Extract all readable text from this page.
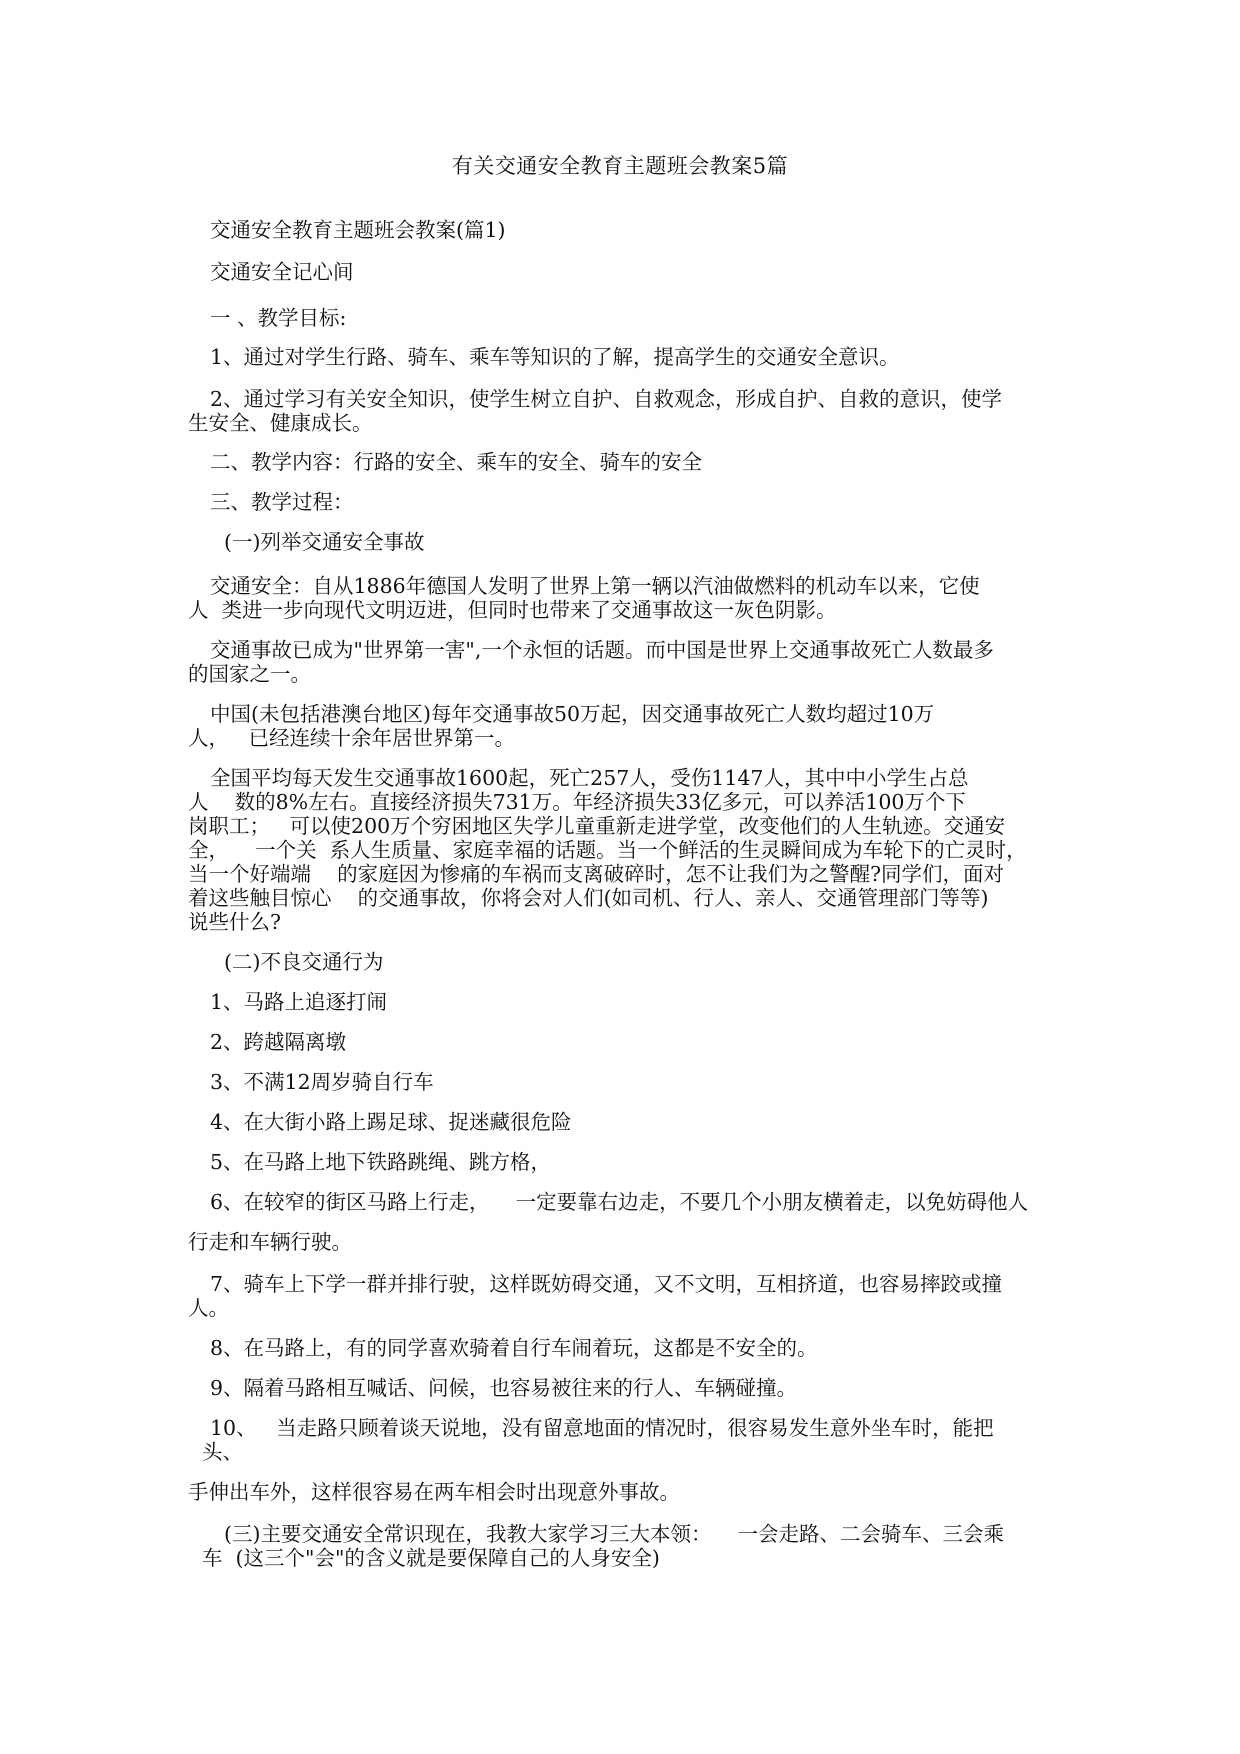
有关交通安全教育主题班会教案5篇
交通安全教育主题班会教案(篇1)
交通安全记心间
一 、教学目标:
1、通过对学生行路、骑车、乘车等知识的了解，提高学生的交通安全意识。
2、通过学习有关安全知识，使学生树立自护、自救观念，形成自护、自救的意识，使学
生安全、健康成长。
二、教学内容：行路的安全、乘车的安全、骑车的安全
三、教学过程：
(一)列举交通安全事故
交通安全：自从1886年德国人发明了世界上第一辆以汽油做燃料的机动车以来，它使
人  类进一步向现代文明迈进，但同时也带来了交通事故这一灰色阴影。
交通事故已成为"世界第一害",一个永恒的话题。而中国是世界上交通事故死亡人数最多
的国家之一。
中国(未包括港澳台地区)每年交通事故50万起，因交通事故死亡人数均超过10万
人，   已经连续十余年居世界第一。
全国平均每天发生交通事故1600起，死亡257人，受伤1147人，其中中小学生占总
人    数的8%左右。直接经济损失731万。年经济损失33亿多元，可以养活100万个下
岗职工；   可以使200万个穷困地区失学儿童重新走进学堂，改变他们的人生轨迹。交通安
全，    一个关  系人生质量、家庭幸福的话题。当一个鲜活的生灵瞬间成为车轮下的亡灵时，
当一个好端端    的家庭因为惨痛的车祸而支离破碎时，怎不让我们为之警醒?同学们，面对
着这些触目惊心    的交通事故，你将会对人们(如司机、行人、亲人、交通管理部门等等)
说些什么?
(二)不良交通行为
1、马路上追逐打闹
2、跨越隔离墩
3、不满12周岁骑自行车
4、在大街小路上踢足球、捉迷藏很危险
5、在马路上地下铁路跳绳、跳方格，
6、在较窄的街区马路上行走，    一定要靠右边走，不要几个小朋友横着走，以免妨碍他人
行走和车辆行驶。
7、骑车上下学一群并排行驶，这样既妨碍交通，又不文明，互相挤道，也容易摔跤或撞
人。
8、在马路上，有的同学喜欢骑着自行车闹着玩，这都是不安全的。
9、隔着马路相互喊话、问候，也容易被往来的行人、车辆碰撞。
10、   当走路只顾着谈天说地，没有留意地面的情况时，很容易发生意外坐车时，能把
头、
手伸出车外，这样很容易在两车相会时出现意外事故。
(三)主要交通安全常识现在，我教大家学习三大本领：    一会走路、二会骑车、三会乘
车  (这三个"会"的含义就是要保障自己的人身安全)
